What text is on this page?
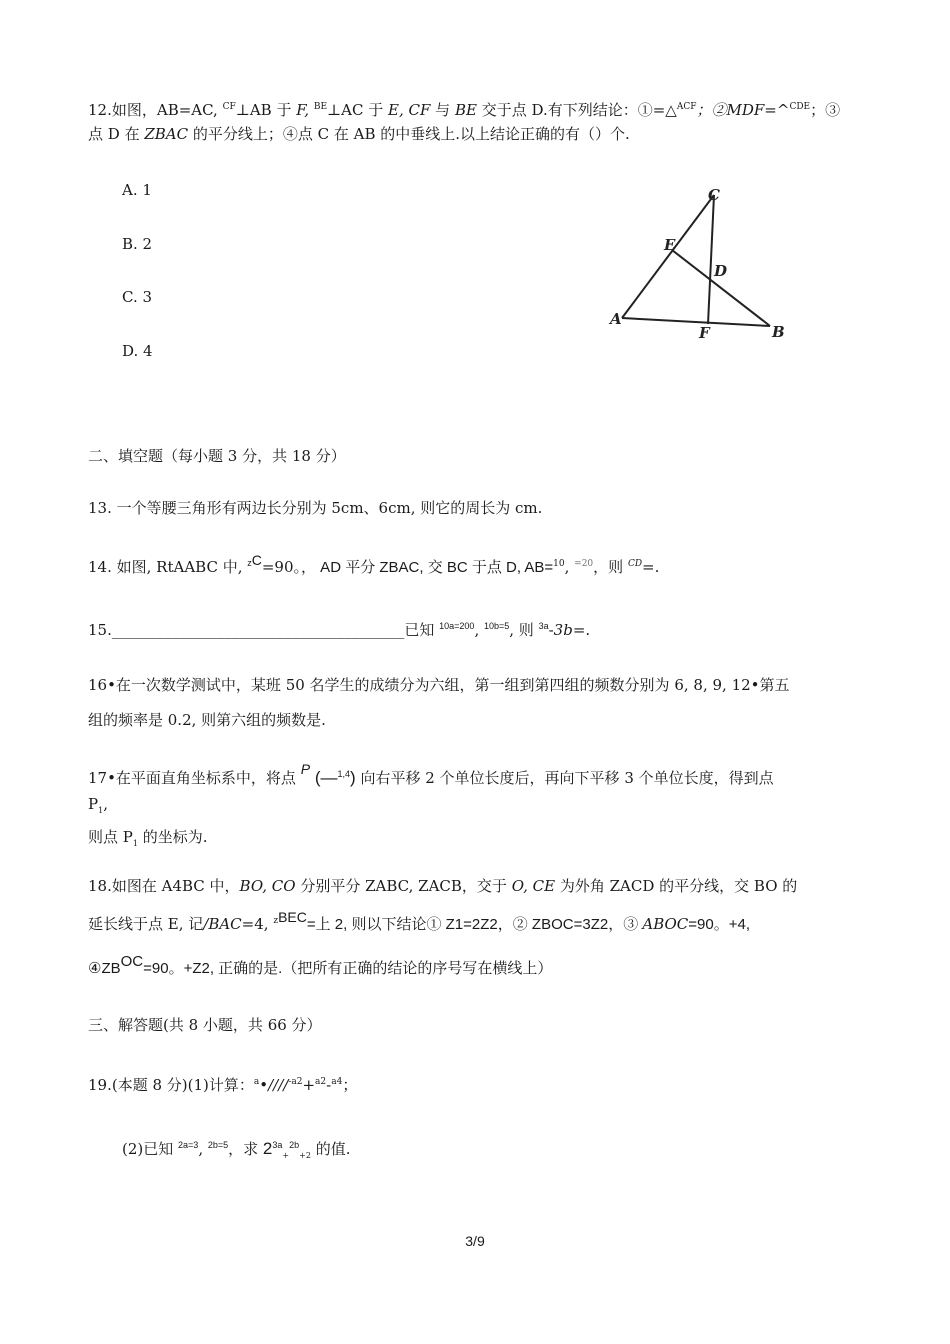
12.如图，AB=AC, $^{CF}$⊥AB 于 F, $^{BE}$⊥AC 于 E, CF 与 BE 交于点 D.有下列结论：①=△$^{ACF}$；②MDF=^$^{CDE}$；③
点 D 在 ZBAC 的平分线上；④点 C 在 AB 的中垂线上.以上结论正确的有（）个.
A. 1
B. 2
C. 3
D. 4
C
E
D
A
F	B
二、填空题（每小题 3 分，共 18 分）
13. 一个等腰三角形有两边长分别为 5cm、6cm, 则它的周长为 cm.
14. 如图, RtAABC 中, $^z$C=90。， AD 平分 ZBAC, 交 BC 于点 D, AB=$^{10}$, $^{=20}$，则 $^{CD}$=.
15._______________________________________已知 $^{10a=200}$, $^{10b=5}$, 则 $^{3a}$-3b=.
16•在一次数学测试中，某班 50 名学生的成绩分为六组，第一组到第四组的频数分别为 6, 8, 9, 12•第五
组的频率是 0.2, 则第六组的频数是.
17•在平面直角坐标系中，将点 P (—$^{1,4}$) 向右平移 2 个单位长度后，再向下平移 3 个单位长度，得到点
$P_1$,
则点 $P_1$ 的坐标为.
18.如图在 A4BC 中，BO, CO 分别平分 ZABC, ZACB，交于 O, CE 为外角 ZACD 的平分线，交 BO 的
延长线于点 E, 记/BAC=4, $^z$BEC=上 2, 则以下结论① Z1=2Z2，② ZBOC=3Z2，③ ABOC=90。+4,
④ZBOC=90。+Z2, 正确的是.（把所有正确的结论的序号写在横线上）
三、解答题(共 8 小题，共 66 分）
19.(本题 8 分)(1)计算：$^a$•////$^{-a2}$+$^{a2}$-$^{a4}$；
(2)已知 $^{2a=3}$, $^{2b=5}$，求 $2^{3a}_+^{2b}_{+2}$ 的值.
3/9
